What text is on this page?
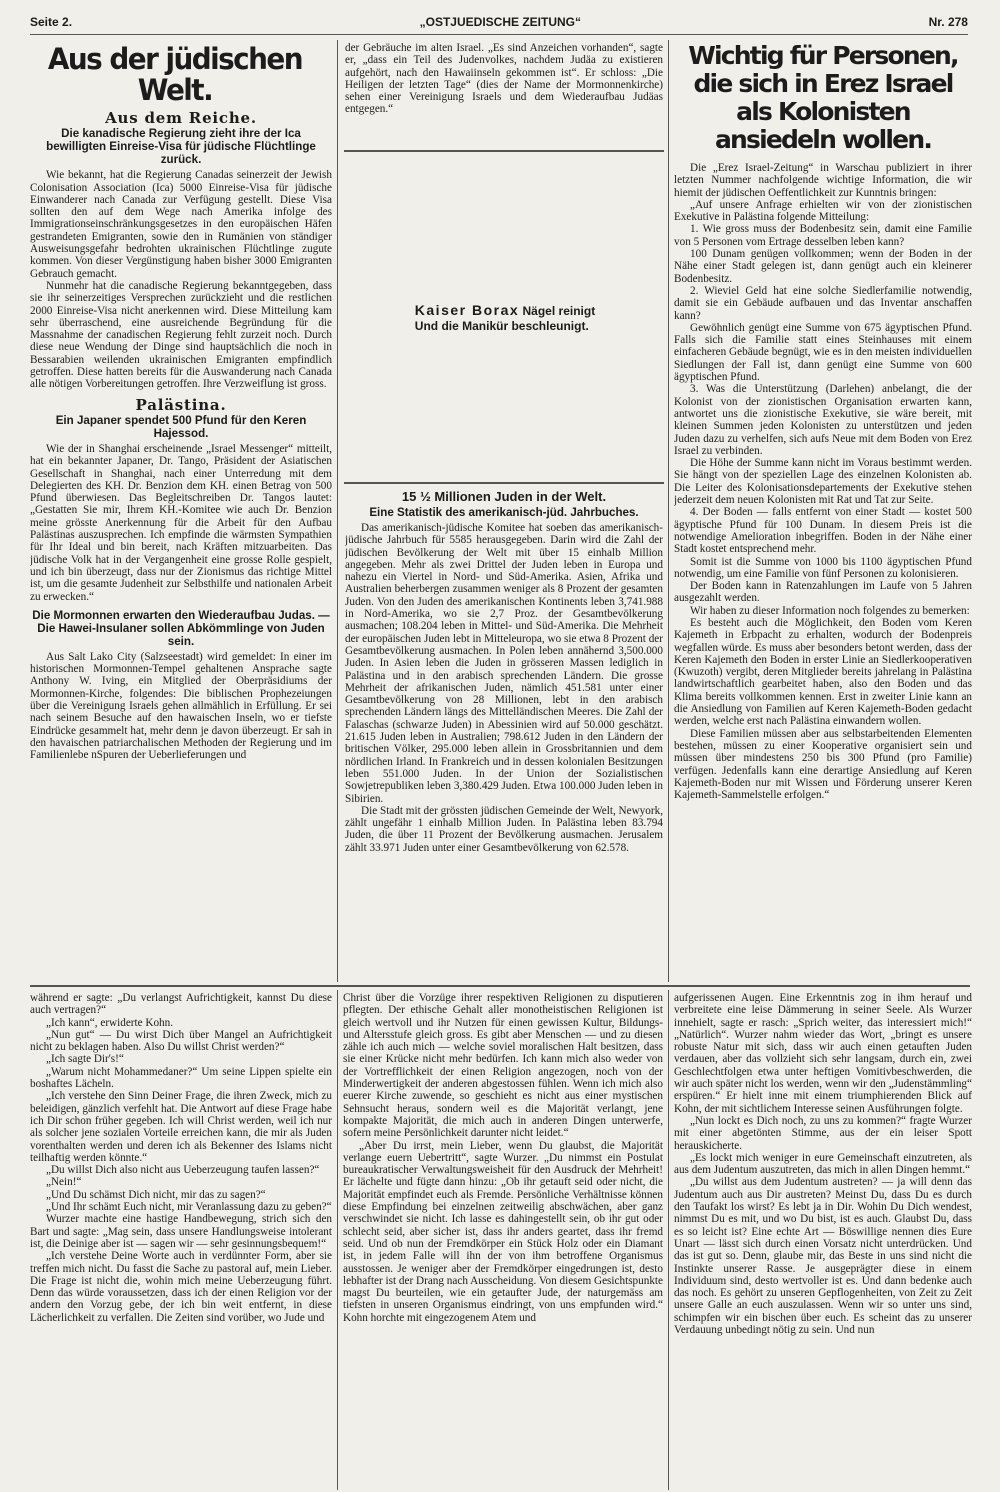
Seite 2.	„OSTJUEDISCHE ZEITUNG“	Nr. 278
Aus der jüdischen Welt.
Aus dem Reiche.
Die kanadische Regierung zieht ihre der Ica bewilligten Einreise-Visa für jüdische Flüchtlinge zurück.

Wie bekannt, hat die Regierung Canadas seinerzeit der Jewish Colonisation Association (Ica) 5000 Einreise-Visa für jüdische Einwanderer nach Canada zur Verfügung gestellt. Diese Visa sollten den auf dem Wege nach Amerika infolge des Immigrationseinschränkungsgesetzes in den europäischen Häfen gestrandeten Emigranten, sowie den in Rumänien von ständiger Ausweisungsgefahr bedrohten ukrainischen Flüchtlinge zugute kommen. Von dieser Vergünstigung haben bisher 3000 Emigranten Gebrauch gemacht.

Nunmehr hat die canadische Regierung bekanntgegeben, dass sie ihr seinerzeitiges Versprechen zurückzieht und die restlichen 2000 Einreise-Visa nicht anerkennen wird. Diese Mitteilung kam sehr überraschend, eine ausreichende Begründung für die Massnahme der canadischen Regierung fehlt zurzeit noch. Durch diese neue Wendung der Dinge sind hauptsächlich die noch in Bessarabien weilenden ukrainischen Emigranten empfindlich getroffen. Diese hatten bereits für die Auswanderung nach Canada alle nötigen Vorbereitungen getroffen. Ihre Verzweiflung ist gross.

Palästina.
Ein Japaner spendet 500 Pfund für den Keren Hajessod.

Wie der in Shanghai erscheinende „Israel Messenger“ mitteilt, hat ein bekannter Japaner, Dr. Tango, Präsident der Asiatischen Gesellschaft in Shanghai, nach einer Unterredung mit dem Delegierten des KH. Dr. Benzion dem KH. einen Betrag von 500 Pfund überwiesen. Das Begleitschreiben Dr. Tangos lautet: „Gestatten Sie mir, Ihrem KH.-Komitee wie auch Dr. Benzion meine grösste Anerkennung für die Arbeit für den Aufbau Palästinas auszusprechen. Ich empfinde die wärmsten Sympathien für Ihr Ideal und bin bereit, nach Kräften mitzuarbeiten. Das jüdische Volk hat in der Vergangenheit eine grosse Rolle gespielt, und ich bin überzeugt, dass nur der Zionismus das richtige Mittel ist, um die gesamte Judenheit zur Selbsthilfe und nationalen Arbeit zu erwecken.“

Die Mormonnen erwarten den Wiederaufbau Judas. — Die Hawei-Insulaner sollen Abkömmlinge von Juden sein.

Aus Salt Lako City (Salzseestadt) wird gemeldet: In einer im historischen Mormonnen-Tempel gehaltenen Ansprache sagte Anthony W. Iving, ein Mitglied der Oberpräsidiums der Mormonnen-Kirche, folgendes: Die biblischen Prophezeiungen über die Vereinigung Israels gehen allmählich in Erfüllung. Er sei nach seinem Besuche auf den hawaischen Inseln, wo er tiefste Eindrücke gesammelt hat, mehr denn je davon überzeugt. Er sah in den havaischen patriarchalischen Methoden der Regierung und im Familienlebe nSpuren der Ueberlieferungen und

der Gebräuche im alten Israel. „Es sind Anzeichen vorhanden“, sagte er, „dass ein Teil des Judenvolkes, nachdem Judäa zu existieren aufgehört, nach den Hawaiinseln gekommen ist“. Er schloss: „Die Heiligen der letzten Tage“ (dies der Name der Mormonnenkirche) sehen einer Vereinigung Israels und dem Wiederaufbau Judäas entgegen.“

Kaiser Borax Nägel reinigt
Und die Manikür beschleunigt.
15 ½ Millionen Juden in der Welt.
Eine Statistik des amerikanisch-jüd. Jahrbuches.

Das amerikanisch-jüdische Komitee hat soeben das amerikanisch-jüdische Jahrbuch für 5585 herausgegeben. Darin wird die Zahl der jüdischen Bevölkerung der Welt mit über 15 einhalb Million angegeben. Mehr als zwei Drittel der Juden leben in Europa und nahezu ein Viertel in Nord- und Süd-Amerika. Asien, Afrika und Australien beherbergen zusammen weniger als 8 Prozent der gesamten Juden. Von den Juden des amerikanischen Kontinents leben 3,741.988 in Nord-Amerika, wo sie 2,7 Proz. der Gesamtbevölkerung ausmachen; 108.204 leben in Mittel- und Süd-Amerika. Die Mehrheit der europäischen Juden lebt in Mitteleuropa, wo sie etwa 8 Prozent der Gesamtbevölkerung ausmachen. In Polen leben annähernd 3,500.000 Juden. In Asien leben die Juden in grösseren Massen lediglich in Palästina und in den arabisch sprechenden Ländern. Die grosse Mehrheit der afrikanischen Juden, nämlich 451.581 unter einer Gesamtbevölkerung von 28 Millionen, lebt in den arabisch sprechenden Ländern längs des Mittelländischen Meeres. Die Zahl der Falaschas (schwarze Juden) in Abessinien wird auf 50.000 geschätzt. 21.615 Juden leben in Australien; 798.612 Juden in den Ländern der britischen Völker, 295.000 leben allein in Grossbritannien und dem nördlichen Irland. In Frankreich und in dessen kolonialen Besitzungen leben 551.000 Juden. In der Union der Sozialistischen Sowjetrepubliken leben 3,380.429 Juden. Etwa 100.000 Juden leben in Sibirien.

Die Stadt mit der grössten jüdischen Gemeinde der Welt, Newyork, zählt ungefähr 1 einhalb Million Juden. In Palästina leben 83.794 Juden, die über 11 Prozent der Bevölkerung ausmachen. Jerusalem zählt 33.971 Juden unter einer Gesamtbevölkerung von 62.578.

Wichtig für Personen, die sich in Erez Israel als Kolonisten ansiedeln wollen.

Die „Erez Israel-Zeitung“ in Warschau publiziert in ihrer letzten Nummer nachfolgende wichtige Information, die wir hiemit der jüdischen Oeffentlichkeit zur Kunntnis bringen:

„Auf unsere Anfrage erhielten wir von der zionistischen Exekutive in Palästina folgende Mitteilung:

1. Wie gross muss der Bodenbesitz sein, damit eine Familie von 5 Personen vom Ertrage desselben leben kann?

100 Dunam genügen vollkommen; wenn der Boden in der Nähe einer Stadt gelegen ist, dann genügt auch ein kleinerer Bodenbesitz.

2. Wieviel Geld hat eine solche Siedlerfamilie notwendig, damit sie ein Gebäude aufbauen und das Inventar anschaffen kann?

Gewöhnlich genügt eine Summe von 675 ägyptischen Pfund. Falls sich die Familie statt eines Steinhauses mit einem einfacheren Gebäude begnügt, wie es in den meisten individuellen Siedlungen der Fall ist, dann genügt eine Summe von 600 ägyptischen Pfund.

3. Was die Unterstützung (Darlehen) anbelangt, die der Kolonist von der zionistischen Organisation erwarten kann, antwortet uns die zionistische Exekutive, sie wäre bereit, mit kleinen Summen jeden Kolonisten zu unterstützen und jeden Juden dazu zu verhelfen, sich aufs Neue mit dem Boden von Erez Israel zu verbinden.

Die Höhe der Summe kann nicht im Voraus bestimmt werden. Sie hängt von der speziellen Lage des einzelnen Kolonisten ab. Die Leiter des Kolonisationsdepartements der Exekutive stehen jederzeit dem neuen Kolonisten mit Rat und Tat zur Seite.

4. Der Boden — falls entfernt von einer Stadt — kostet 500 ägyptische Pfund für 100 Dunam. In diesem Preis ist die notwendige Amelioration inbegriffen. Boden in der Nähe einer Stadt kostet entsprechend mehr.

Somit ist die Summe von 1000 bis 1100 ägyptischen Pfund notwendig, um eine Familie von fünf Personen zu kolonisieren.

Der Boden kann in Ratenzahlungen im Laufe von 5 Jahren ausgezahlt werden.

Wir haben zu dieser Information noch folgendes zu bemerken:

Es besteht auch die Möglichkeit, den Boden vom Keren Kajemeth in Erbpacht zu erhalten, wodurch der Bodenpreis wegfallen würde. Es muss aber besonders betont werden, dass der Keren Kajemeth den Boden in erster Linie an Siedlerkooperativen (Kwuzoth) vergibt, deren Mitglieder bereits jahrelang in Palästina landwirtschaftlich gearbeitet haben, also den Boden und das Klima bereits vollkommen kennen. Erst in zweiter Linie kann an die Ansiedlung von Familien auf Keren Kajemeth-Boden gedacht werden, welche erst nach Palästina einwandern wollen.

Diese Familien müssen aber aus selbstarbeitenden Elementen bestehen, müssen zu einer Kooperative organisiert sein und müssen über mindestens 250 bis 300 Pfund (pro Familie) verfügen. Jedenfalls kann eine derartige Ansiedlung auf Keren Kajemeth-Boden nur mit Wissen und Förderung unserer Keren Kajemeth-Sammelstelle erfolgen.“

während er sagte: „Du verlangst Aufrichtigkeit, kannst Du diese auch vertragen?“

„Ich kann“, erwiderte Kohn.

„Nun gut“ — Du wirst Dich über Mangel an Aufrichtigkeit nicht zu beklagen haben. Also Du willst Christ werden?“

„Ich sagte Dir's!“

„Warum nicht Mohammedaner?“ Um seine Lippen spielte ein boshaftes Lächeln.

„Ich verstehe den Sinn Deiner Frage, die ihren Zweck, mich zu beleidigen, gänzlich verfehlt hat. Die Antwort auf diese Frage habe ich Dir schon früher gegeben. Ich will Christ werden, weil ich nur als solcher jene sozialen Vorteile erreichen kann, die mir als Juden vorenthalten werden und deren ich als Bekenner des Islams nicht teilhaftig werden könnte.“

„Du willst Dich also nicht aus Ueberzeugung taufen lassen?“

„Nein!“

„Und Du schämst Dich nicht, mir das zu sagen?“

„Und Ihr schämt Euch nicht, mir Veranlassung dazu zu geben?“

Wurzer machte eine hastige Handbewegung, strich sich den Bart und sagte: „Mag sein, dass unsere Handlungsweise intolerant ist, die Deinige aber ist — sagen wir — sehr gesinnungsbequem!“

„Ich verstehe Deine Worte auch in verdünnter Form, aber sie treffen mich nicht. Du fasst die Sache zu pastoral auf, mein Lieber. Die Frage ist nicht die, wohin mich meine Ueberzeugung führt. Denn das würde voraussetzen, dass ich der einen Religion vor der andern den Vorzug gebe, der ich bin weit entfernt, in diese Lächerlichkeit zu verfallen. Die Zeiten sind vorüber, wo Jude und

Christ über die Vorzüge ihrer respektiven Religionen zu disputieren pflegten. Der ethische Gehalt aller monotheistischen Religionen ist gleich wertvoll und ihr Nutzen für einen gewissen Kultur, Bildungs- und Altersstufe gleich gross. Es gibt aber Menschen — und zu diesen zähle ich auch mich — welche soviel moralischen Halt besitzen, dass sie einer Krücke nicht mehr bedürfen. Ich kann mich also weder von der Vortrefflichkeit der einen Religion angezogen, noch von der Minderwertigkeit der anderen abgestossen fühlen. Wenn ich mich also euerer Kirche zuwende, so geschieht es nicht aus einer mystischen Sehnsucht heraus, sondern weil es die Majorität verlangt, jene kompakte Majorität, die mich auch in anderen Dingen unterwerfe, sofern meine Persönlichkeit darunter nicht leidet.“

„Aber Du irrst, mein Lieber, wenn Du glaubst, die Majorität verlange euern Uebertritt“, sagte Wurzer. „Du nimmst ein Postulat bureaukratischer Verwaltungsweisheit für den Ausdruck der Mehrheit! Er lächelte und fügte dann hinzu: „Ob ihr getauft seid oder nicht, die Majorität empfindet euch als Fremde. Persönliche Verhältnisse können diese Empfindung bei einzelnen zeitweilig abschwächen, aber ganz verschwindet sie nicht. Ich lasse es dahingestellt sein, ob ihr gut oder schlecht seid, aber sicher ist, dass ihr anders geartet, dass ihr fremd seid. Und ob nun der Fremdkörper ein Stück Holz oder ein Diamant ist, in jedem Falle will ihn der von ihm betroffene Organismus ausstossen. Je weniger aber der Fremdkörper eingedrungen ist, desto lebhafter ist der Drang nach Ausscheidung. Von diesem Gesichtspunkte magst Du beurteilen, wie ein getaufter Jude, der naturgemäss am tiefsten in unseren Organismus eindringt, von uns empfunden wird.“ Kohn horchte mit eingezogenem Atem und

aufgerissenen Augen. Eine Erkenntnis zog in ihm herauf und verbreitete eine leise Dämmerung in seiner Seele. Als Wurzer innehielt, sagte er rasch: „Sprich weiter, das interessiert mich!“ „Natürlich“. Wurzer nahm wieder das Wort, „bringt es unsere robuste Natur mit sich, dass wir auch einen getauften Juden verdauen, aber das vollzieht sich sehr langsam, durch ein, zwei Geschlechtfolgen etwa unter heftigen Vomitivbeschwerden, die wir auch später nicht los werden, wenn wir den „Judenstämmling“ erspüren.“ Er hielt inne mit einem triumphierenden Blick auf Kohn, der mit sichtlichem Interesse seinen Ausführungen folgte.

„Nun lockt es Dich noch, zu uns zu kommen?“ fragte Wurzer mit einer abgetönten Stimme, aus der ein leiser Spott herauskicherte.

„Es lockt mich weniger in eure Gemeinschaft einzutreten, als aus dem Judentum auszutreten, das mich in allen Dingen hemmt.“

„Du willst aus dem Judentum austreten? — ja will denn das Judentum auch aus Dir austreten? Meinst Du, dass Du es durch den Taufakt los wirst? Es lebt ja in Dir. Wohin Du Dich wendest, nimmst Du es mit, und wo Du bist, ist es auch. Glaubst Du, dass es so leicht ist? Eine echte Art — Böswillige nennen dies Eure Unart — lässt sich durch einen Vorsatz nicht unterdrücken. Und das ist gut so. Denn, glaube mir, das Beste in uns sind nicht die Instinkte unserer Rasse. Je ausgeprägter diese in einem Individuum sind, desto wertvoller ist es. Und dann bedenke auch das noch. Es gehört zu unseren Gepflogenheiten, von Zeit zu Zeit unsere Galle an euch auszulassen. Wenn wir so unter uns sind, schimpfen wir ein bischen über euch. Es scheint das zu unserer Verdauung unbedingt nötig zu sein. Und nun
